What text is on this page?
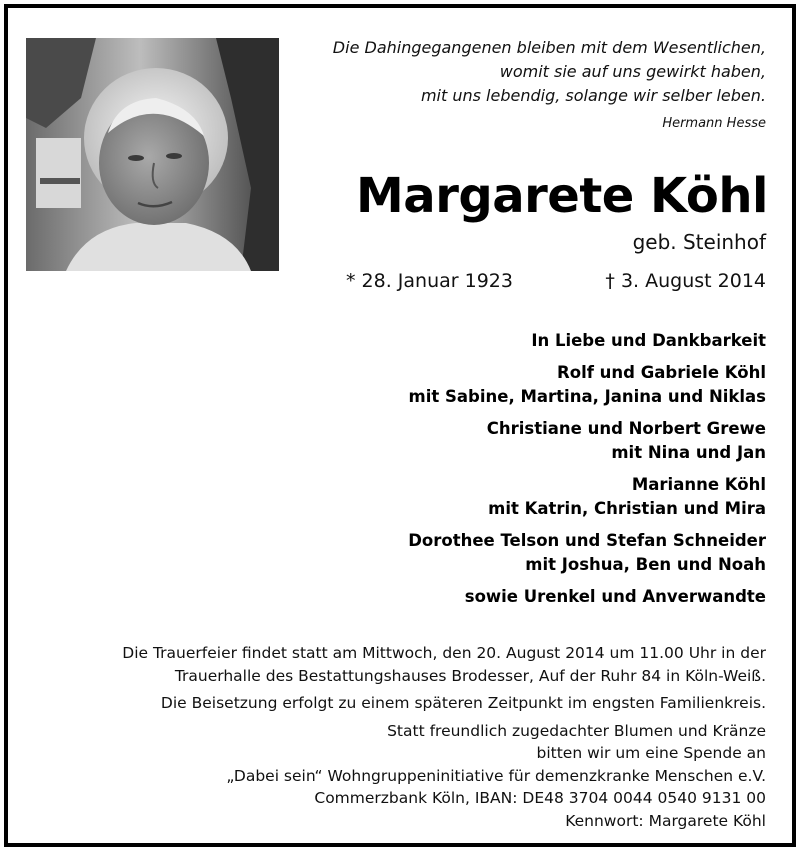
Die Dahingegangenen bleiben mit dem Wesentlichen,
womit sie auf uns gewirkt haben,
mit uns lebendig, solange wir selber leben.
Hermann Hesse
Margarete Köhl
geb. Steinhof
* 28. Januar 1923	† 3. August 2014
In Liebe und Dankbarkeit
Rolf und Gabriele Köhl
mit Sabine, Martina, Janina und Niklas
Christiane und Norbert Grewe
mit Nina und Jan
Marianne Köhl
mit Katrin, Christian und Mira
Dorothee Telson und Stefan Schneider
mit Joshua, Ben und Noah
sowie Urenkel und Anverwandte
Die Trauerfeier findet statt am Mittwoch, den 20. August 2014 um 11.00 Uhr in der
Trauerhalle des Bestattungshauses Brodesser, Auf der Ruhr 84 in Köln-Weiß.
Die Beisetzung erfolgt zu einem späteren Zeitpunkt im engsten Familienkreis.
Statt freundlich zugedachter Blumen und Kränze
bitten wir um eine Spende an
„Dabei sein“ Wohngruppeninitiative für demenzkranke Menschen e.V.
Commerzbank Köln, IBAN: DE48 3704 0044 0540 9131 00
Kennwort: Margarete Köhl
